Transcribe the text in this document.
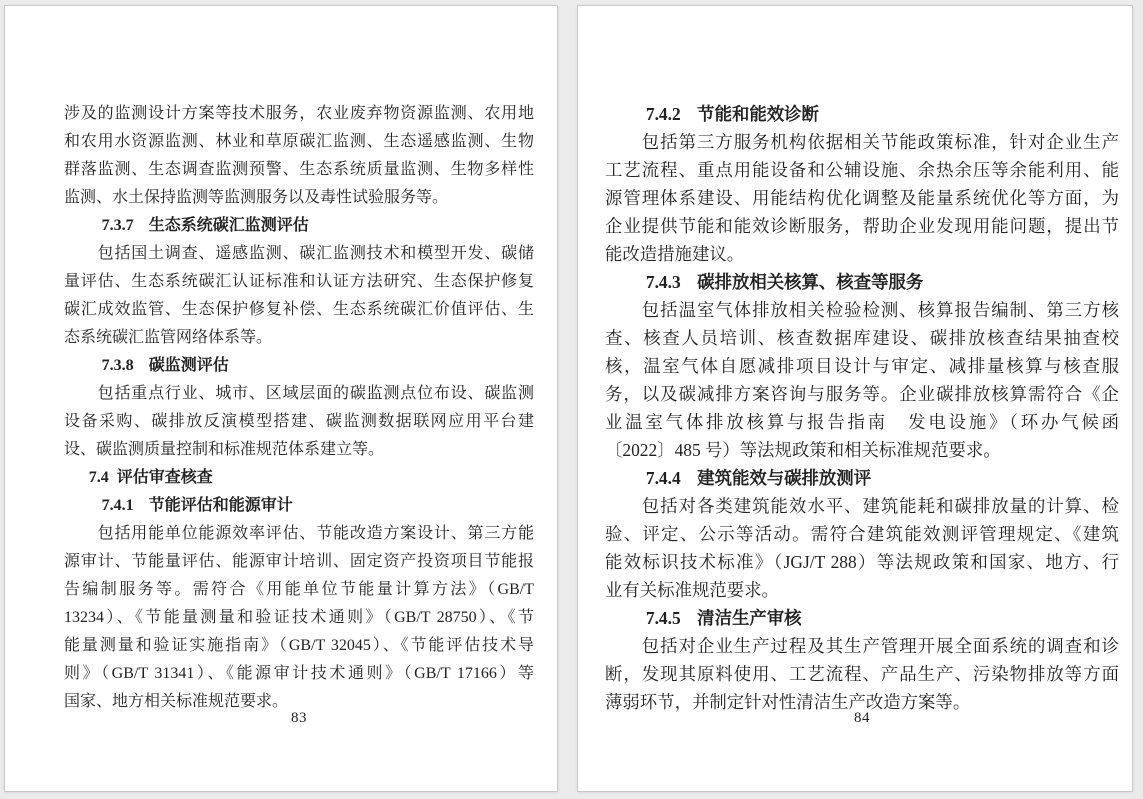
涉及的监测设计方案等技术服务，农业废弃物资源监测、农用地
和农用水资源监测、林业和草原碳汇监测、生态遥感监测、生物
群落监测、生态调查监测预警、生态系统质量监测、生物多样性
监测、水土保持监测等监测服务以及毒性试验服务等。
7.3.7 生态系统碳汇监测评估
　　包括国土调查、遥感监测、碳汇监测技术和模型开发、碳储
量评估、生态系统碳汇认证标准和认证方法研究、生态保护修复
碳汇成效监管、生态保护修复补偿、生态系统碳汇价值评估、生
态系统碳汇监管网络体系等。
7.3.8 碳监测评估
　　包括重点行业、城市、区域层面的碳监测点位布设、碳监测
设备采购、碳排放反演模型搭建、碳监测数据联网应用平台建
设、碳监测质量控制和标准规范体系建立等。
7.4 评估审查核查
7.4.1 节能评估和能源审计
　　包括用能单位能源效率评估、节能改造方案设计、第三方能
源审计、节能量评估、能源审计培训、固定资产投资项目节能报
告编制服务等。需符合《用能单位节能量计算方法》（GB/T
13234）、《节能量测量和验证技术通则》（GB/T 28750）、《节
能量测量和验证实施指南》（GB/T 32045）、《节能评估技术导
则》（GB/T 31341）、《能源审计技术通则》（GB/T 17166）等
国家、地方相关标准规范要求。
83
7.4.2 节能和能效诊断
　　包括第三方服务机构依据相关节能政策标准，针对企业生产
工艺流程、重点用能设备和公辅设施、余热余压等余能利用、能
源管理体系建设、用能结构优化调整及能量系统优化等方面，为
企业提供节能和能效诊断服务，帮助企业发现用能问题，提出节
能改造措施建议。
7.4.3 碳排放相关核算、核查等服务
　　包括温室气体排放相关检验检测、核算报告编制、第三方核
查、核查人员培训、核查数据库建设、碳排放核查结果抽查校
核，温室气体自愿减排项目设计与审定、减排量核算与核查服
务，以及碳减排方案咨询与服务等。企业碳排放核算需符合《企
业温室气体排放核算与报告指南　发电设施》（环办气候函
〔2022〕485 号）等法规政策和相关标准规范要求。
7.4.4 建筑能效与碳排放测评
　　包括对各类建筑能效水平、建筑能耗和碳排放量的计算、检
验、评定、公示等活动。需符合建筑能效测评管理规定、《建筑
能效标识技术标准》（JGJ/T 288）等法规政策和国家、地方、行
业有关标准规范要求。
7.4.5 清洁生产审核
　　包括对企业生产过程及其生产管理开展全面系统的调查和诊
断，发现其原料使用、工艺流程、产品生产、污染物排放等方面
薄弱环节，并制定针对性清洁生产改造方案等。
84
